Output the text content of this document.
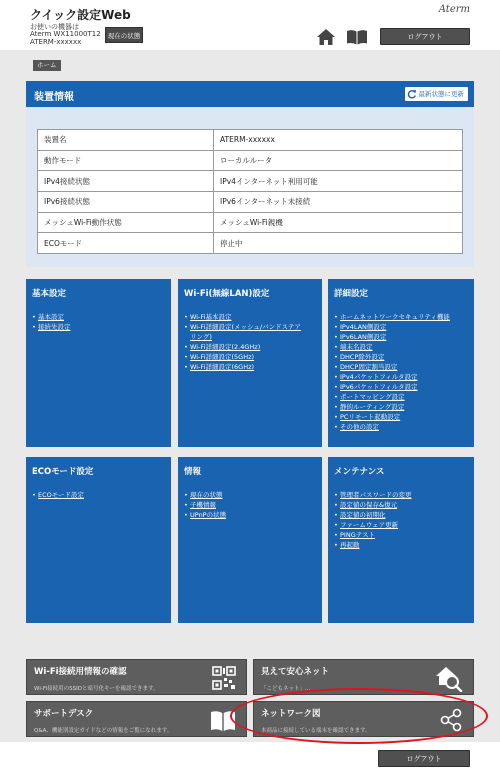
クイック設定Web
お使いの機器は
Aterm WX11000T12
ATERM-xxxxxx
現在の状態
Aterm
ログアウト
ホーム
装置情報	最新状態に更新
装置名	ATERM-xxxxxx
動作モード	ローカルルータ
IPv4接続状態	IPv4インターネット利用可能
IPv6接続状態	IPv6インターネット未接続
メッシュWi-Fi動作状態	メッシュWi-Fi親機
ECOモード	停止中
基本設定
• 基本設定
• 接続先設定
Wi-Fi(無線LAN)設定
• Wi-Fi基本設定
• Wi-Fi詳細設定(メッシュ/バンドステア
リング)
• Wi-Fi詳細設定(2.4GHz)
• Wi-Fi詳細設定(5GHz)
• Wi-Fi詳細設定(6GHz)
詳細設定
• ホームネットワークセキュリティ機能
• IPv4LAN側設定
• IPv6LAN側設定
• 端末名設定
• DHCP除外設定
• DHCP固定割当設定
• IPv4パケットフィルタ設定
• IPv6パケットフィルタ設定
• ポートマッピング設定
• 静的ルーティング設定
• PCリモート起動設定
• その他の設定
ECOモード設定
• ECOモード設定
情報
• 現在の状態
• 子機情報
• UPnPの状態
メンテナンス
• 管理者パスワードの変更
• 設定値の保存&復元
• 設定値の初期化
• ファームウェア更新
• PINGテスト
• 再起動
Wi-Fi接続用情報の確認
Wi-Fi接続用のSSIDと暗号化キーを確認できます。
見えて安心ネット
「こどもネット」...
サポートデスク
Q&A、機能別設定ガイドなどの情報をご覧になれます。
ネットワーク図
本商品に接続している端末を確認できます。
ログアウト
